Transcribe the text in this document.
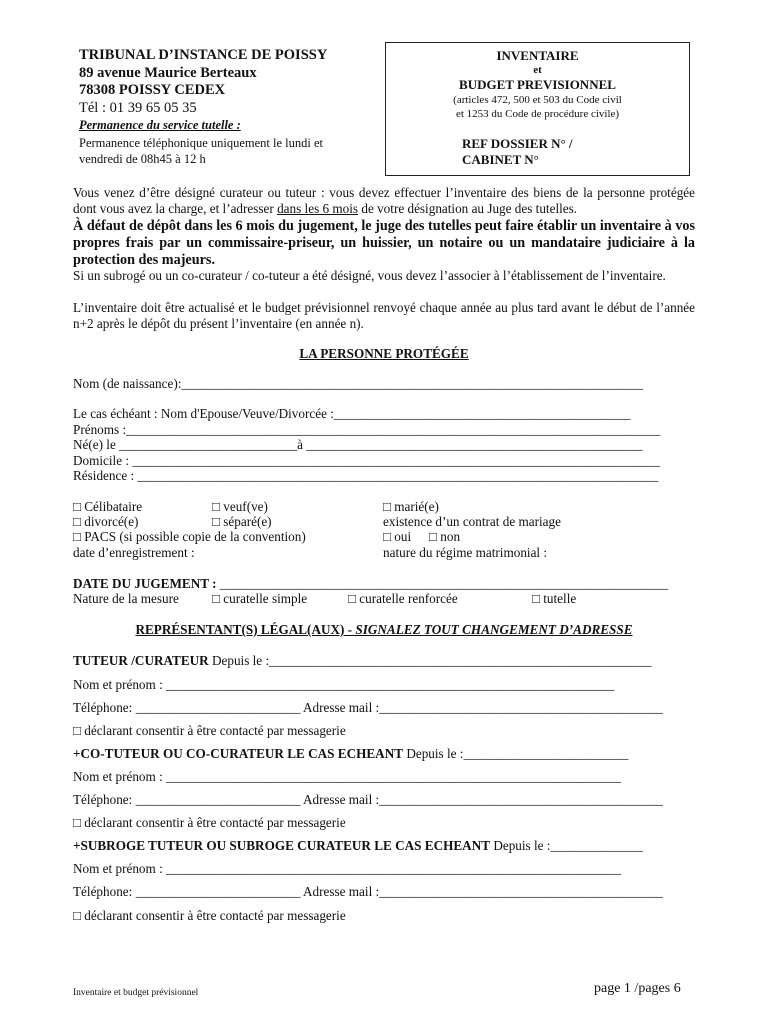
TRIBUNAL D’INSTANCE DE POISSY
89 avenue Maurice Berteaux
78308 POISSY CEDEX
Tél : 01 39 65 05 35
Permanence du service tutelle :
Permanence téléphonique uniquement le lundi et
vendredi de 08h45 à 12 h
INVENTAIRE
et
BUDGET PREVISIONNEL
(articles 472, 500 et 503 du Code civil
et 1253 du Code de procédure civile)
REF DOSSIER N° /
CABINET N°
Vous venez d’être désigné curateur ou tuteur : vous devez effectuer l’inventaire des biens de la personne protégée dont vous avez la charge, et l’adresser dans les 6 mois de votre désignation au Juge des tutelles.
À défaut de dépôt dans les 6 mois du jugement, le juge des tutelles peut faire établir un inventaire à vos propres frais par un commissaire-priseur, un huissier, un notaire ou un mandataire judiciaire à la protection des majeurs.
Si un subrogé ou un co-curateur / co-tuteur a été désigné, vous devez l’associer à l’établissement de l’inventaire.
L’inventaire doit être actualisé et le budget prévisionnel renvoyé chaque année au plus tard avant le début de l’année n+2 après le dépôt du présent l’inventaire (en année n).
LA PERSONNE PROTÉGÉE
Nom (de naissance):______________________________________________________________________
Le cas échéant : Nom d'Epouse/Veuve/Divorcée :_____________________________________________
Prénoms :_________________________________________________________________________________
Né(e) le ___________________________à ___________________________________________________
Domicile : ________________________________________________________________________________
Résidence : _______________________________________________________________________________
□ Célibataire	□ veuf(ve)	□ marié(e)
□ divorcé(e)	□ séparé(e)	existence d’un contrat de mariage
□ PACS (si possible copie de la convention)	□ oui □ non
date d’enregistrement :	nature du régime matrimonial :
DATE DU JUGEMENT : ____________________________________________________________________
Nature de la mesure	□ curatelle simple	□ curatelle renforcée	□ tutelle
REPRÉSENTANT(S) LÉGAL(AUX) - SIGNALEZ TOUT CHANGEMENT D’ADRESSE
TUTEUR /CURATEUR Depuis le :__________________________________________________________
Nom et prénom : ____________________________________________________________________
Téléphone: _________________________ Adresse mail :___________________________________________
□ déclarant consentir à être contacté par messagerie
+CO-TUTEUR OU CO-CURATEUR LE CAS ECHEANT Depuis le :_________________________
Nom et prénom : _____________________________________________________________________
Téléphone: _________________________ Adresse mail :___________________________________________
□ déclarant consentir à être contacté par messagerie
+SUBROGE TUTEUR OU SUBROGE CURATEUR LE CAS ECHEANT Depuis le :______________
Nom et prénom : _____________________________________________________________________
Téléphone: _________________________ Adresse mail :___________________________________________
□ déclarant consentir à être contacté par messagerie
Inventaire et budget prévisionnel	page 1 /pages 6
